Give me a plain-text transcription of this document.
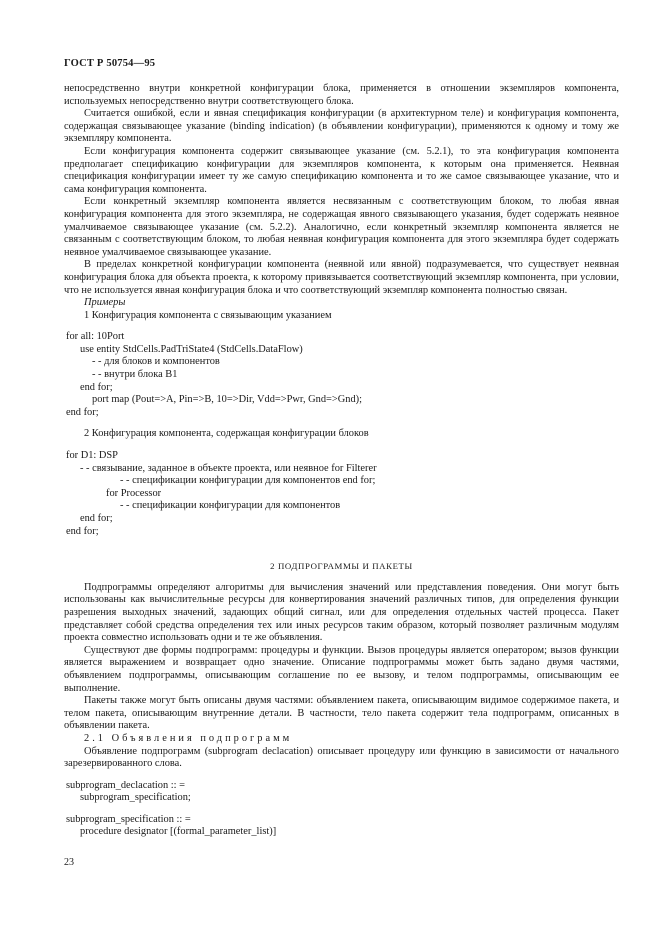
ГОСТ Р 50754—95

непосредственно внутри конкретной конфигурации блока, применяется в отношении экземпляров компонента, используемых непосредственно внутри соответствующего блока.

Считается ошибкой, если и явная спецификация конфигурации (в архитектурном теле) и конфигурация компонента, содержащая связывающее указание (binding indication) (в объявлении конфигурации), применяются к одному и тому же экземпляру компонента.

Если конфигурация компонента содержит связывающее указание (см. 5.2.1), то эта конфигурация компонента предполагает спецификацию конфигурации для экземпляров компонента, к которым она применяется. Неявная спецификация конфигурации имеет ту же самую спецификацию компонента и то же самое связывающее указание, что и сама конфигурация компонента.

Если конкретный экземпляр компонента является несвязанным с соответствующим блоком, то любая явная конфигурация компонента для этого экземпляра, не содержащая явного связывающего указания, будет содержать неявное умалчиваемое связывающее указание (см. 5.2.2). Аналогично, если конкретный экземпляр компонента является не связанным с соответствующим блоком, то любая неявная конфигурация компонента для этого экземпляра будет содержать неявное умалчиваемое связывающее указание.

В пределах конкретной конфигурации компонента (неявной или явной) подразумевается, что существует неявная конфигурация блока для объекта проекта, к которому привязывается соответствующий экземпляр компонента, при условии, что не используется явная конфигурация блока и что соответствующий экземпляр компонента полностью связан.

Примеры

1 Конфигурация компонента с связывающим указанием

for all: 10Port

use entity StdCells.PadTriState4 (StdCells.DataFlow)

- - для блоков и компонентов

- - внутри блока B1

end for;

port map (Pout=>A, Pin=>B, 10=>Dir, Vdd=>Pwr, Gnd=>Gnd);

end for;

2 Конфигурация компонента, содержащая конфигурации блоков

for D1: DSP

- - связывание, заданное в объекте проекта, или неявное for Filterer

- - спецификации конфигурации для компонентов end for;

for Processor

- - спецификации конфигурации для компонентов

end for;

end for;

2 ПОДПРОГРАММЫ И ПАКЕТЫ

Подпрограммы определяют алгоритмы для вычисления значений или представления поведения. Они могут быть использованы как вычислительные ресурсы для конвертирования значений различных типов, для определения функции разрешения выходных значений, задающих общий сигнал, или для определения отдельных частей процесса. Пакет представляет собой средства определения тех или иных ресурсов таким образом, который позволяет различным модулям проекта совместно использовать одни и те же объявления.

Существуют две формы подпрограмм: процедуры и функции. Вызов процедуры является оператором; вызов функции является выражением и возвращает одно значение. Описание подпрограммы может быть задано двумя частями, объявлением подпрограммы, описывающим соглашение по ее вызову, и телом подпрограммы, описывающим ее выполнение.

Пакеты также могут быть описаны двумя частями: объявлением пакета, описывающим видимое содержимое пакета, и телом пакета, описывающим внутренние детали. В частности, тело пакета содержит тела подпрограмм, описанных в объявлении пакета.

2.1 Объявления подпрограмм

Объявление подпрограмм (subprogram declacation) описывает процедуру или функцию в зависимости от начального зарезервированного слова.

subprogram_declacation :: =

subprogram_specification;

subprogram_specification :: =

procedure designator [(formal_parameter_list)]

23
